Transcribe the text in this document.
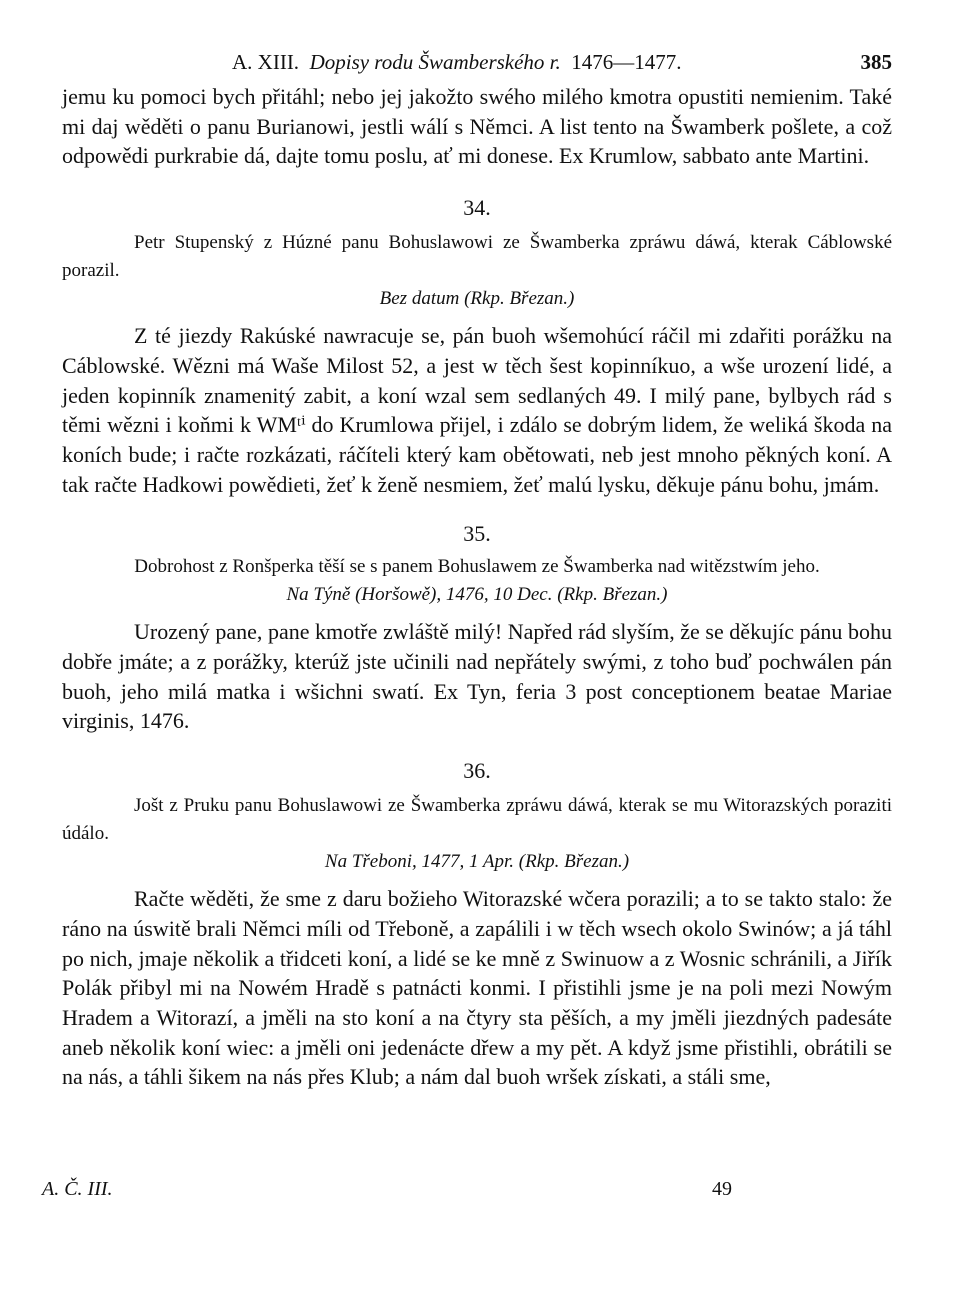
A. XIII. Dopisy rodu Šwamberského r. 1476—1477.	385

jemu ku pomoci bych přitáhl; nebo jej jakožto swého milého kmotra opustiti nemienim. Také mi daj wěděti o panu Burianowi, jestli wálí s Němci. A list tento na Šwamberk pošlete, a což odpowědi purkrabie dá, dajte tomu poslu, ať mi donese. Ex Krumlow, sabbato ante Martini.

34.

Petr Stupenský z Húzné panu Bohuslawowi ze Šwamberka zpráwu dáwá, kterak Cáblowské porazil.

Bez datum (Rkp. Březan.)

Z té jiezdy Rakúské nawracuje se, pán buoh wšemohúcí ráčil mi zdařiti porážku na Cáblowské. Wězni má Waše Milost 52, a jest w těch šest kopinníkuo, a wše urození lidé, a jeden kopinník znamenitý zabit, a koní wzal sem sedlaných 49. I milý pane, bylbych rád s těmi wězni i koňmi k WMᵗⁱ do Krumlowa přijel, i zdálo se dobrým lidem, že weliká škoda na koních bude; i račte rozkázati, ráčíteli který kam obětowati, neb jest mnoho pěkných koní. A tak račte Hadkowi powědieti, žeť k ženě nesmiem, žeť malú lysku, děkuje pánu bohu, jmám.

35.

Dobrohost z Ronšperka těší se s panem Bohuslawem ze Šwamberka nad witězstwím jeho.

Na Týně (Horšowě), 1476, 10 Dec. (Rkp. Březan.)

Urozený pane, pane kmotře zwláště milý! Napřed rád slyším, že se děkujíc pánu bohu dobře jmáte; a z porážky, kterúž jste učinili nad nepřátely swými, z toho buď pochwálen pán buoh, jeho milá matka i wšichni swatí. Ex Tyn, feria 3 post conceptionem beatae Mariae virginis, 1476.

36.

Jošt z Pruku panu Bohuslawowi ze Šwamberka zpráwu dáwá, kterak se mu Witorazských poraziti údálo.

Na Třeboni, 1477, 1 Apr. (Rkp. Březan.)

Račte wěděti, že sme z daru božieho Witorazské wčera porazili; a to se takto stalo: že ráno na úswitě brali Němci míli od Třeboně, a zapálili i w těch wsech okolo Swinów; a já táhl po nich, jmaje několik a třidceti koní, a lidé se ke mně z Swinuow a z Wosnic schránili, a Jiřík Polák přibyl mi na Nowém Hradě s patnácti konmi. I přistihli jsme je na poli mezi Nowým Hradem a Witorazí, a jměli na sto koní a na čtyry sta pěších, a my jměli jiezdných padesáte aneb několik koní wiec: a jměli oni jedenácte dřew a my pět. A když jsme přistihli, obrátili se na nás, a táhli šikem na nás přes Klub; a nám dal buoh wršek získati, a stáli sme,

A. Č. III.	49
